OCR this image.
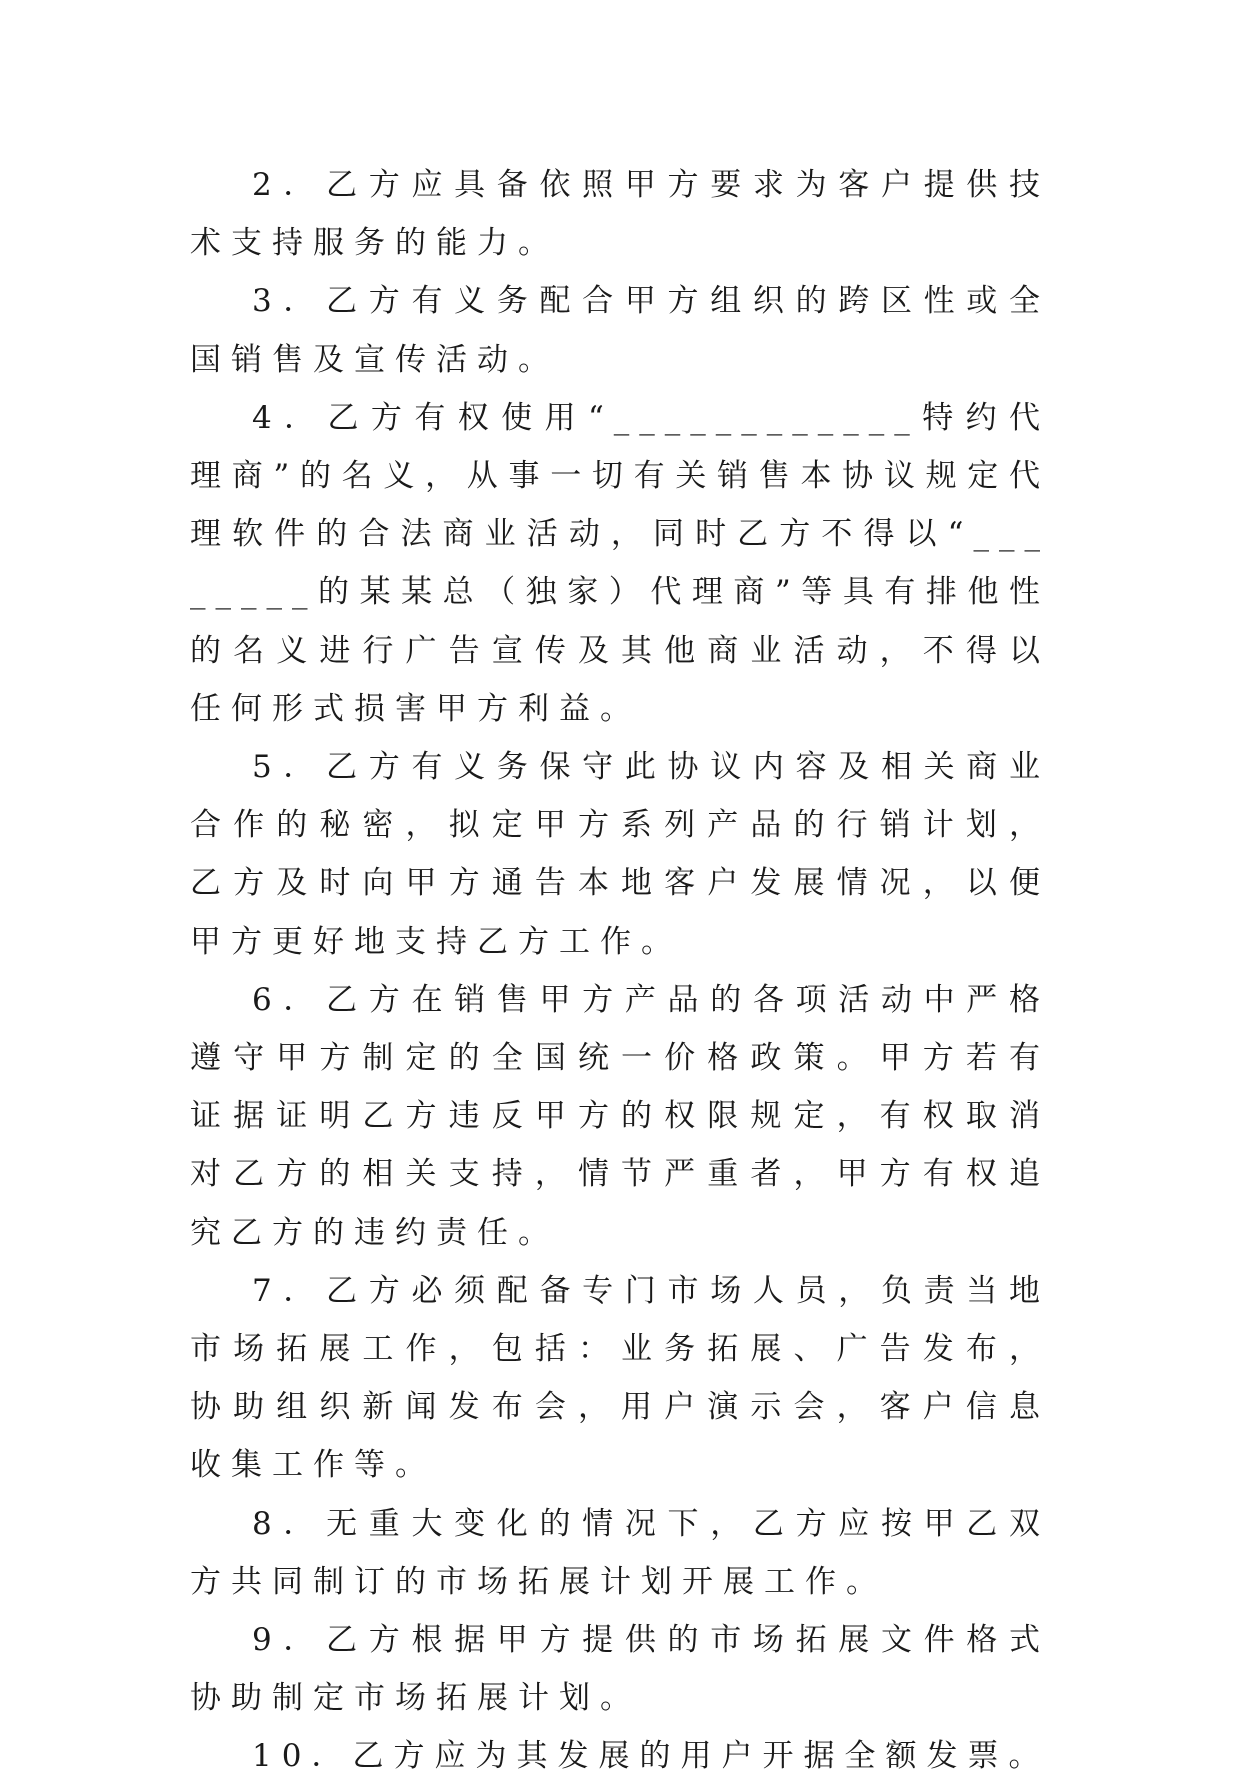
2．乙方应具备依照甲方要求为客户提供技术支持服务的能力。

3．乙方有义务配合甲方组织的跨区性或全国销售及宣传活动。

4．乙方有权使用“____________特约代理商”的名义，从事一切有关销售本协议规定代理软件的合法商业活动，同时乙方不得以“________的某某总（独家）代理商”等具有排他性的名义进行广告宣传及其他商业活动，不得以任何形式损害甲方利益。

5．乙方有义务保守此协议内容及相关商业合作的秘密，拟定甲方系列产品的行销计划，乙方及时向甲方通告本地客户发展情况，以便甲方更好地支持乙方工作。

6．乙方在销售甲方产品的各项活动中严格遵守甲方制定的全国统一价格政策。甲方若有证据证明乙方违反甲方的权限规定，有权取消对乙方的相关支持，情节严重者，甲方有权追究乙方的违约责任。

7．乙方必须配备专门市场人员，负责当地市场拓展工作，包括：业务拓展、广告发布，协助组织新闻发布会，用户演示会，客户信息收集工作等。

8．无重大变化的情况下，乙方应按甲乙双方共同制订的市场拓展计划开展工作。

9．乙方根据甲方提供的市场拓展文件格式协助制定市场拓展计划。

10．乙方应为其发展的用户开据全额发票。
